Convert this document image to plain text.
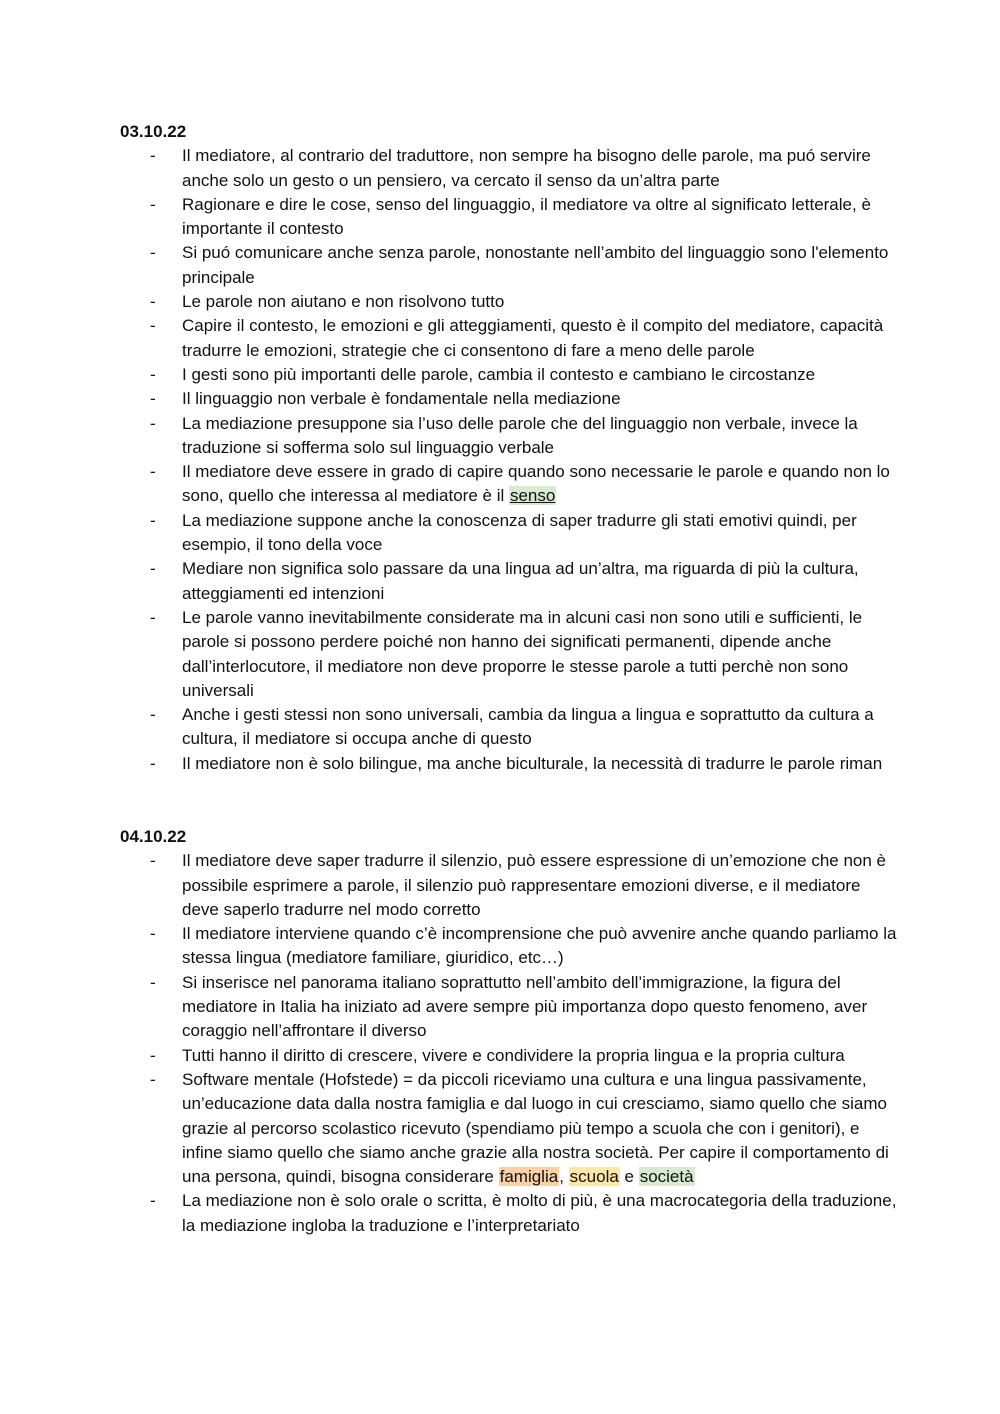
03.10.22

- Il mediatore, al contrario del traduttore, non sempre ha bisogno delle parole, ma puó servire anche solo un gesto o un pensiero, va cercato il senso da un’altra parte
- Ragionare e dire le cose, senso del linguaggio, il mediatore va oltre al significato letterale, è importante il contesto
- Si puó comunicare anche senza parole, nonostante nell’ambito del linguaggio sono l'elemento principale
- Le parole non aiutano e non risolvono tutto
- Capire il contesto, le emozioni e gli atteggiamenti, questo è il compito del mediatore, capacità tradurre le emozioni, strategie che ci consentono di fare a meno delle parole
- I gesti sono più importanti delle parole, cambia il contesto e cambiano le circostanze
- Il linguaggio non verbale è fondamentale nella mediazione
- La mediazione presuppone sia l’uso delle parole che del linguaggio non verbale, invece la traduzione si sofferma solo sul linguaggio verbale
- Il mediatore deve essere in grado di capire quando sono necessarie le parole e quando non lo sono, quello che interessa al mediatore è il senso
- La mediazione suppone anche la conoscenza di saper tradurre gli stati emotivi quindi, per esempio, il tono della voce
- Mediare non significa solo passare da una lingua ad un’altra, ma riguarda di più la cultura, atteggiamenti ed intenzioni
- Le parole vanno inevitabilmente considerate ma in alcuni casi non sono utili e sufficienti, le parole si possono perdere poiché non hanno dei significati permanenti, dipende anche dall’interlocutore, il mediatore non deve proporre le stesse parole a tutti perchè non sono universali
- Anche i gesti stessi non sono universali, cambia da lingua a lingua e soprattutto da cultura a cultura, il mediatore si occupa anche di questo
- Il mediatore non è solo bilingue, ma anche biculturale, la necessità di tradurre le parole riman

04.10.22

- Il mediatore deve saper tradurre il silenzio, può essere espressione di un’emozione che non è possibile esprimere a parole, il silenzio può rappresentare emozioni diverse, e il mediatore deve saperlo tradurre nel modo corretto
- Il mediatore interviene quando c’è incomprensione che può avvenire anche quando parliamo la stessa lingua (mediatore familiare, giuridico, etc…)
- Si inserisce nel panorama italiano soprattutto nell’ambito dell’immigrazione, la figura del mediatore in Italia ha iniziato ad avere sempre più importanza dopo questo fenomeno, aver coraggio nell’affrontare il diverso
- Tutti hanno il diritto di crescere, vivere e condividere la propria lingua e la propria cultura
- Software mentale (Hofstede) = da piccoli riceviamo una cultura e una lingua passivamente, un’educazione data dalla nostra famiglia e dal luogo in cui cresciamo, siamo quello che siamo grazie al percorso scolastico ricevuto (spendiamo più tempo a scuola che con i genitori), e infine siamo quello che siamo anche grazie alla nostra società. Per capire il comportamento di una persona, quindi, bisogna considerare famiglia, scuola e società
- La mediazione non è solo orale o scritta, è molto di più, è una macrocategoria della traduzione, la mediazione ingloba la traduzione e l’interpretariato
